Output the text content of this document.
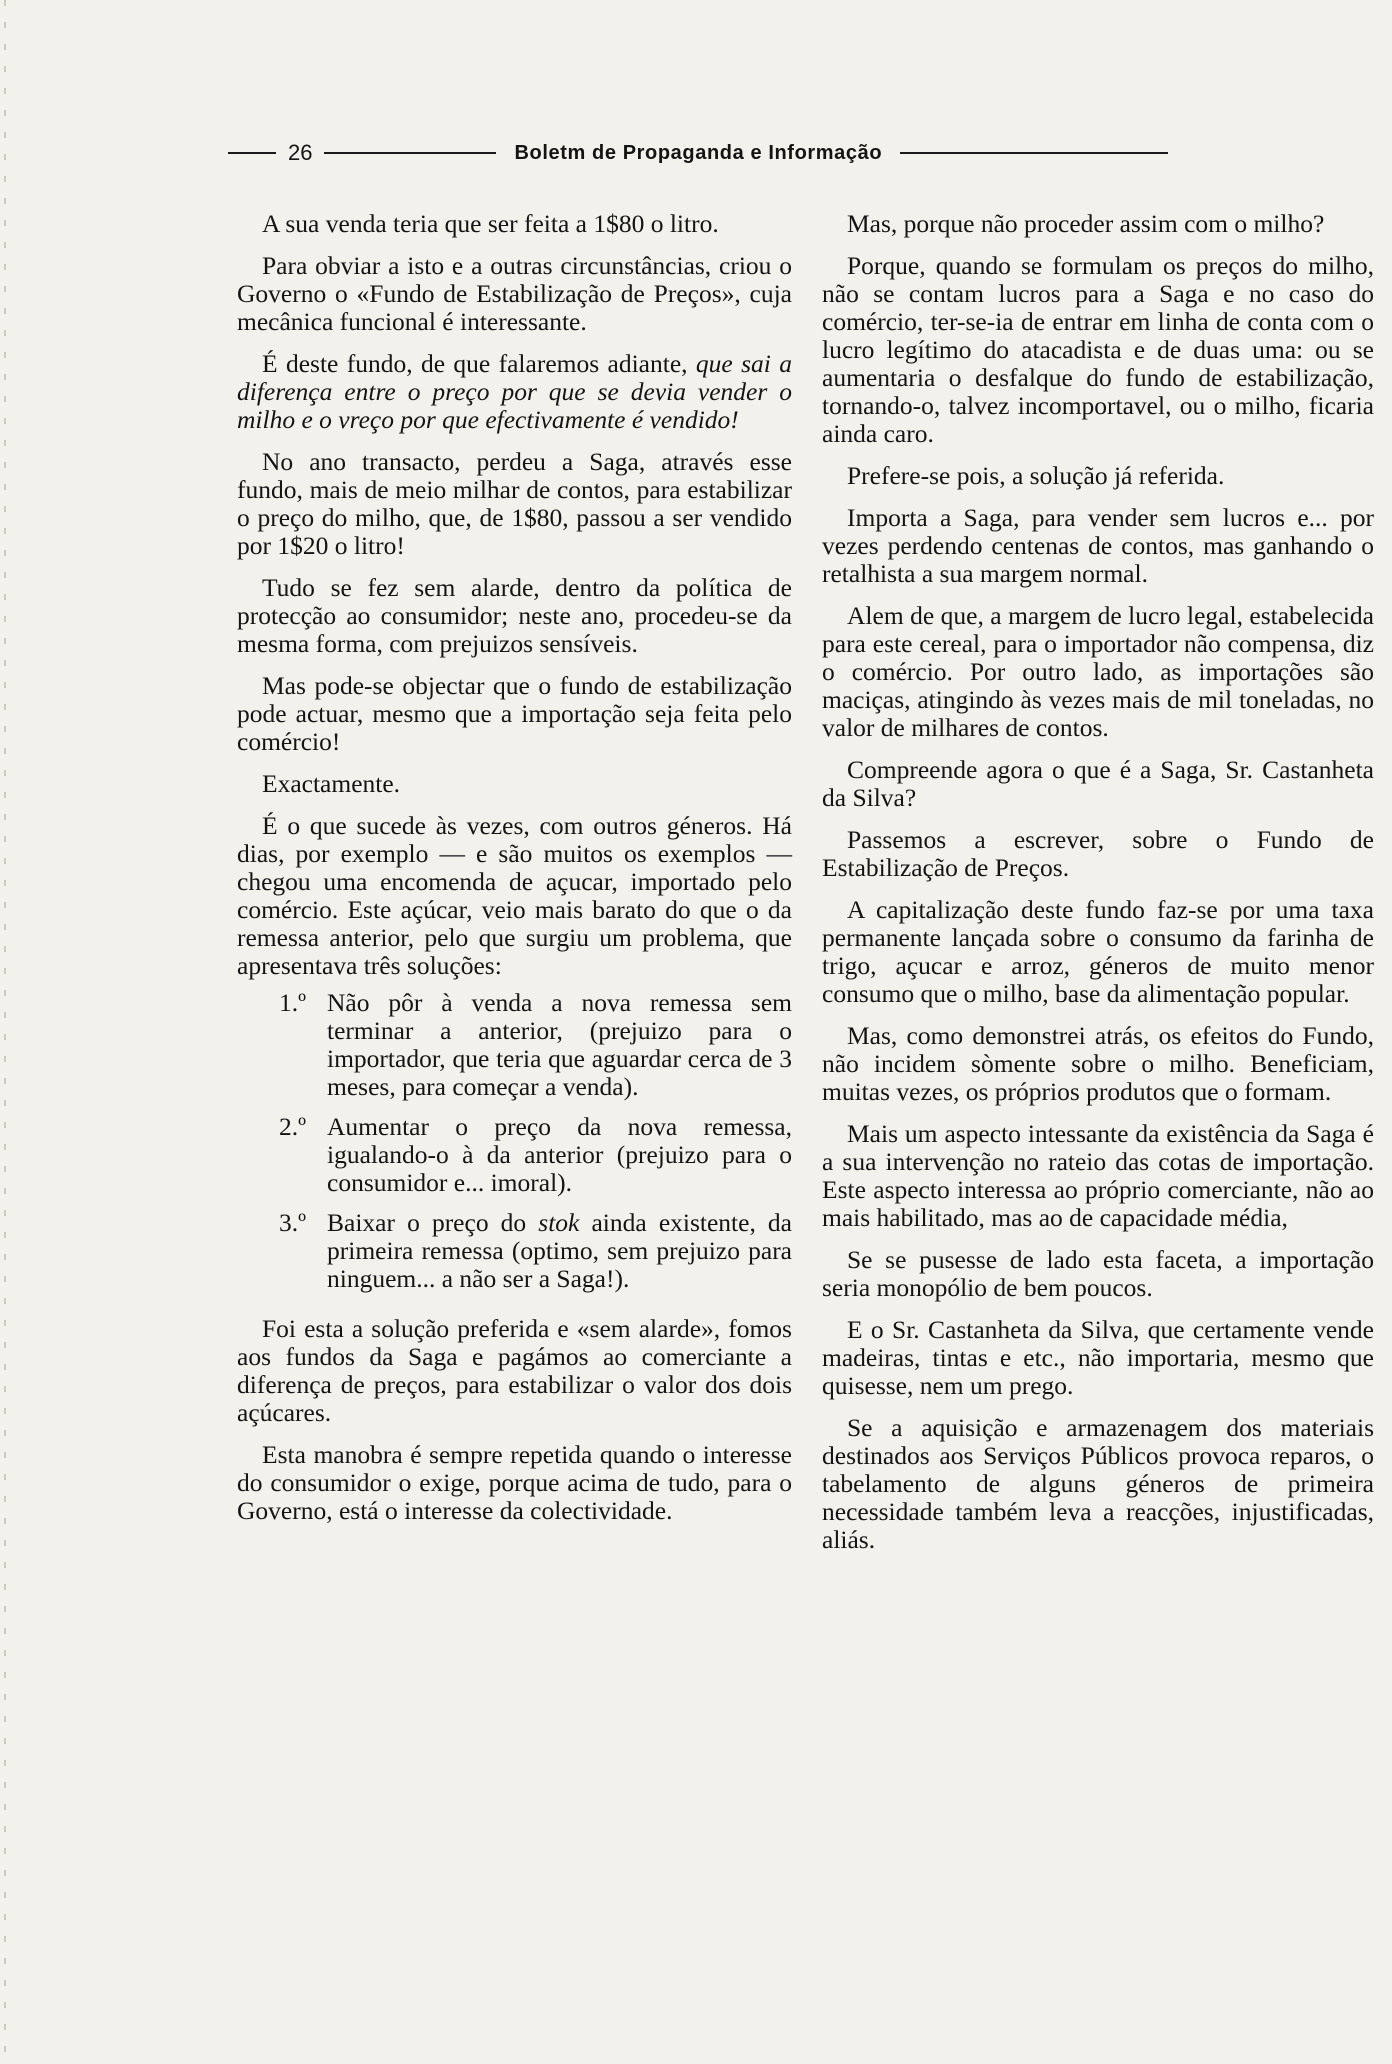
26	Boletm de Propaganda e Informação

A sua venda teria que ser feita a 1$80 o litro.

Para obviar a isto e a outras circunstâncias, criou o Governo o «Fundo de Estabilização de Preços», cuja mecânica funcional é interessante.

É deste fundo, de que falaremos adiante, que sai a diferença entre o preço por que se devia vender o milho e o vreço por que efectivamente é vendido!

No ano transacto, perdeu a Saga, através esse fundo, mais de meio milhar de contos, para estabilizar o preço do milho, que, de 1$80, passou a ser vendido por 1$20 o litro!

Tudo se fez sem alarde, dentro da política de protecção ao consumidor; neste ano, procedeu-se da mesma forma, com prejuizos sensíveis.

Mas pode-se objectar que o fundo de estabilização pode actuar, mesmo que a importação seja feita pelo comércio!

Exactamente.

É o que sucede às vezes, com outros géneros. Há dias, por exemplo — e são muitos os exemplos — chegou uma encomenda de açucar, importado pelo comércio. Este açúcar, veio mais barato do que o da remessa anterior, pelo que surgiu um problema, que apresentava três soluções:

1.º Não pôr à venda a nova remessa sem terminar a anterior, (prejuizo para o importador, que teria que aguardar cerca de 3 meses, para começar a venda).
2.º Aumentar o preço da nova remessa, igualando-o à da anterior (prejuizo para o consumidor e... imoral).
3.º Baixar o preço do stok ainda existente, da primeira remessa (optimo, sem prejuizo para ninguem... a não ser a Saga!).

Foi esta a solução preferida e «sem alarde», fomos aos fundos da Saga e pagámos ao comerciante a diferença de preços, para estabilizar o valor dos dois açúcares.

Esta manobra é sempre repetida quando o interesse do consumidor o exige, porque acima de tudo, para o Governo, está o interesse da colectividade.

Mas, porque não proceder assim com o milho?

Porque, quando se formulam os preços do milho, não se contam lucros para a Saga e no caso do comércio, ter-se-ia de entrar em linha de conta com o lucro legítimo do atacadista e de duas uma: ou se aumentaria o desfalque do fundo de estabilização, tornando-o, talvez incomportavel, ou o milho, ficaria ainda caro.

Prefere-se pois, a solução já referida.

Importa a Saga, para vender sem lucros e... por vezes perdendo centenas de contos, mas ganhando o retalhista a sua margem normal.

Alem de que, a margem de lucro legal, estabelecida para este cereal, para o importador não compensa, diz o comércio. Por outro lado, as importações são maciças, atingindo às vezes mais de mil toneladas, no valor de milhares de contos.

Compreende agora o que é a Saga, Sr. Castanheta da Silva?

Passemos a escrever, sobre o Fundo de Estabilização de Preços.

A capitalização deste fundo faz-se por uma taxa permanente lançada sobre o consumo da farinha de trigo, açucar e arroz, géneros de muito menor consumo que o milho, base da alimentação popular.

Mas, como demonstrei atrás, os efeitos do Fundo, não incidem sòmente sobre o milho. Beneficiam, muitas vezes, os próprios produtos que o formam.

Mais um aspecto intessante da existência da Saga é a sua intervenção no rateio das cotas de importação. Este aspecto interessa ao próprio comerciante, não ao mais habilitado, mas ao de capacidade média,

Se se pusesse de lado esta faceta, a importação seria monopólio de bem poucos.

E o Sr. Castanheta da Silva, que certamente vende madeiras, tintas e etc., não importaria, mesmo que quisesse, nem um prego.

Se a aquisição e armazenagem dos materiais destinados aos Serviços Públicos provoca reparos, o tabelamento de alguns géneros de primeira necessidade também leva a reacções, injustificadas, aliás.
